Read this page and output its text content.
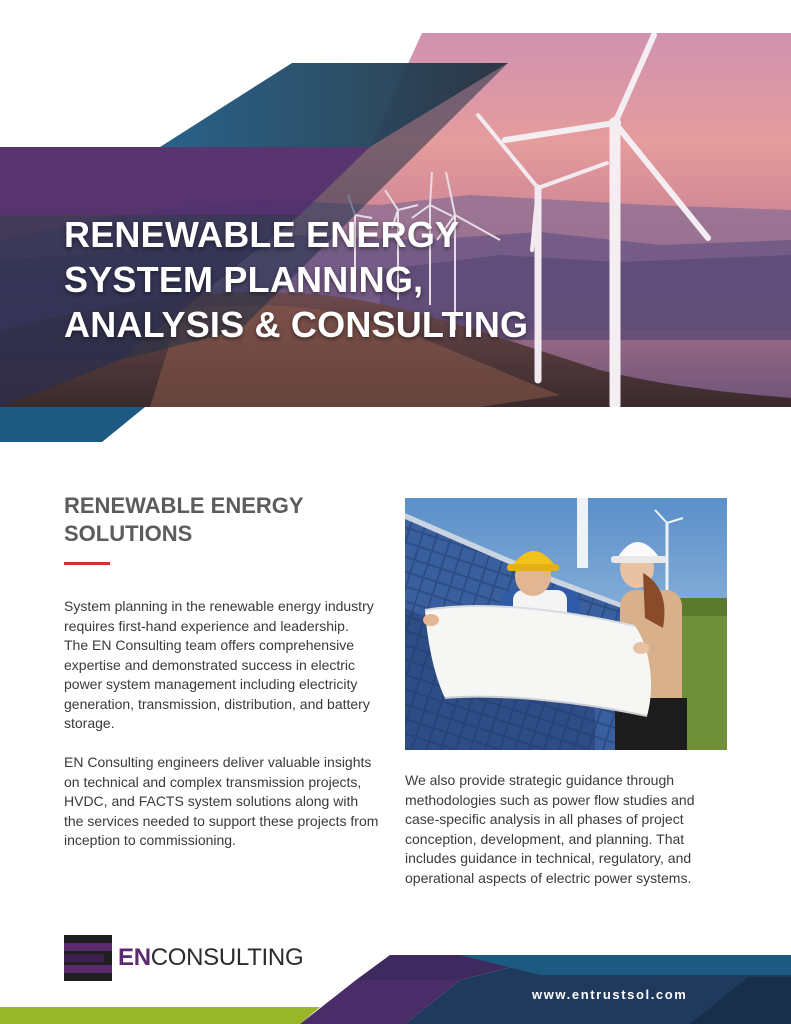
RENEWABLE ENERGY
SYSTEM PLANNING,
ANALYSIS & CONSULTING
RENEWABLE ENERGY
SOLUTIONS

System planning in the renewable energy industry
requires first-hand experience and leadership.
The EN Consulting team offers comprehensive
expertise and demonstrated success in electric
power system management including electricity
generation, transmission, distribution, and battery
storage.

EN Consulting engineers deliver valuable insights
on technical and complex transmission projects,
HVDC, and FACTS system solutions along with
the services needed to support these projects from
inception to commissioning.

We also provide strategic guidance through
methodologies such as power flow studies and
case-specific analysis in all phases of project
conception, development, and planning. That
includes guidance in technical, regulatory, and
operational aspects of electric power systems.

ENCONSULTING

www.entrustsol.com
